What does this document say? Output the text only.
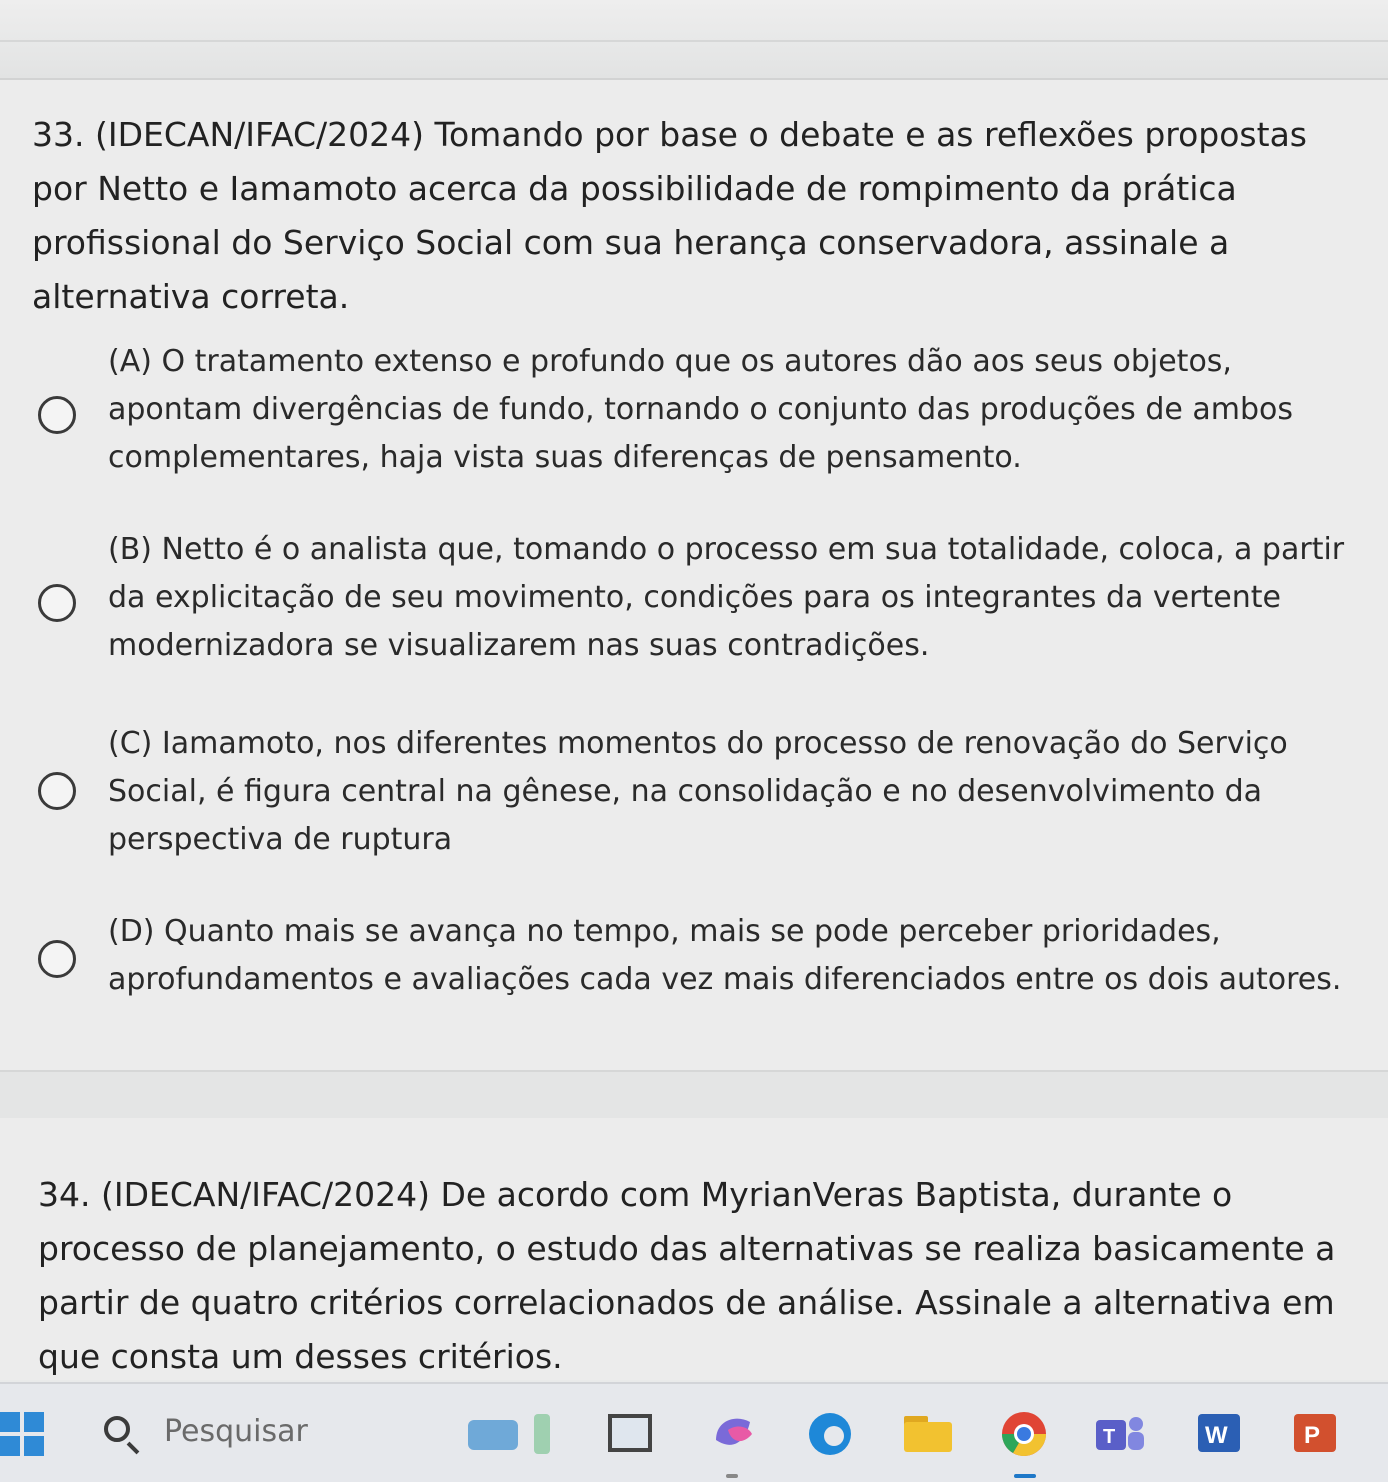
33. (IDECAN/IFAC/2024) Tomando por base o debate e as reflexões propostas por Netto e Iamamoto acerca da possibilidade de rompimento da prática profissional do Serviço Social com sua herança conservadora, assinale a alternativa correta.
(A) O tratamento extenso e profundo que os autores dão aos seus objetos, apontam divergências de fundo, tornando o conjunto das produções de ambos complementares, haja vista suas diferenças de pensamento.
(B) Netto é o analista que, tomando o processo em sua totalidade, coloca, a partir da explicitação de seu movimento, condições para os integrantes da vertente modernizadora se visualizarem nas suas contradições.
(C) Iamamoto, nos diferentes momentos do processo de renovação do Serviço Social, é figura central na gênese, na consolidação e no desenvolvimento da perspectiva de ruptura
(D) Quanto mais se avança no tempo, mais se pode perceber prioridades, aprofundamentos e avaliações cada vez mais diferenciados entre os dois autores.
34. (IDECAN/IFAC/2024) De acordo com MyrianVeras Baptista, durante o processo de planejamento, o estudo das alternativas se realiza basicamente a partir de quatro critérios correlacionados de análise. Assinale a alternativa em que consta um desses critérios.
Pesquisar	T	W	P
